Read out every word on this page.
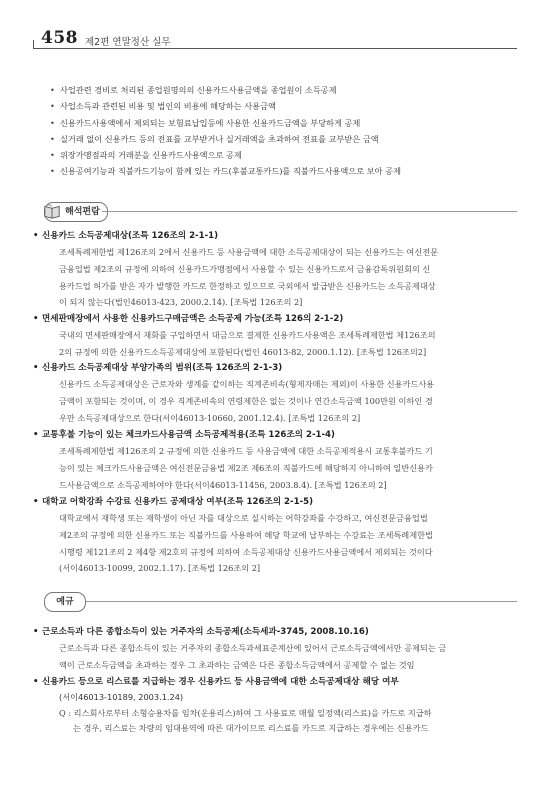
458 제2편 연말정산 실무
• 사업관련 경비로 처리된 종업원명의의 신용카드사용금액을 종업원이 소득공제
• 사업소득과 관련된 비용 및 법인의 비용에 해당하는 사용금액
• 신용카드사용액에서 제외되는 보험료납입등에 사용한 신용카드금액을 부당하게 공제
• 실거래 없이 신용카드 등의 전표를 교부받거나 실거래액을 초과하여 전표를 교부받은 금액
• 위장가맹점과의 거래분을 신용카드사용액으로 공제
• 신용공여기능과 직불카드기능이 함께 있는 카드(후불교통카드)를 직불카드사용액으로 보아 공제
해석편람
• 신용카드 소득공제대상(조특 126조의 2-1-1)
조세특례제한법 제126조의 2에서 신용카드 등 사용금액에 대한 소득공제대상이 되는 신용카드는 여신전문
금융업법 제2조의 규정에 의하여 신용카드가맹점에서 사용할 수 있는 신용카드로서 금융감독위원회의 신
용카드업 허가를 받은 자가 발행한 카드로 한정하고 있으므로 국외에서 발급받은 신용카드는 소득공제대상
이 되지 않는다(법인46013-423, 2000.2.14). [조특법 126조의 2]
• 면세판매장에서 사용한 신용카드구매금액은 소득공제 가능(조특 126의 2-1-2)
국내의 면세판매장에서 재화를 구입하면서 대금으로 결제한 신용카드사용액은 조세특례제한법 제126조의
2의 규정에 의한 신용카드소득공제대상에 포함된다(법인 46013-82, 2000.1.12). [조특법 126조의2]
• 신용카드 소득공제대상 부양가족의 범위(조특 126조의 2-1-3)
신용카드 소득공제대상은 근로자와 생계를 같이하는 직계존비속(형제자매는 제외)이 사용한 신용카드사용
금액이 포함되는 것이며, 이 경우 직계존비속의 연령제한은 없는 것이나 연간소득금액 100만원 이하인 경
우만 소득공제대상으로 한다(서이46013-10660, 2001.12.4). [조특법 126조의 2]
• 교통후불 기능이 있는 체크카드사용금액 소득공제적용(조특 126조의 2-1-4)
조세특례제한법 제126조의 2 규정에 의한 신용카드 등 사용금액에 대한 소득공제적용시 교통후불카드 기
능이 있는 체크카드사용금액은 여신전문금융법 제2조 제6조의 직불카드에 해당하지 아니하여 일반신용카
드사용금액으로 소득공제하여야 한다(서이46013-11456, 2003.8.4). [조특법 126조의 2]
• 대학교 어학강좌 수강료 신용카드 공제대상 여부(조특 126조의 2-1-5)
대학교에서 재학생 또는 재학생이 아닌 자를 대상으로 실시하는 어학강좌를 수강하고, 여신전문금융업법
제2조의 규정에 의한 신용카드 또는 직불카드를 사용하여 해당 학교에 납부하는 수강료는 조세특례제한법
시행령 제121조의 2 제4항 제2호의 규정에 의하여 소득공제대상 신용카드사용금액에서 제외되는 것이다
(서이46013-10099, 2002.1.17). [조특법 126조의 2]
예규
• 근로소득과 다른 종합소득이 있는 거주자의 소득공제(소득세과-3745, 2008.10.16)
근로소득과 다른 종합소득이 있는 거주자의 종합소득과세표준계산에 있어서 근로소득금액에서만 공제되는 금
액이 근로소득금액을 초과하는 경우 그 초과하는 금액은 다른 종합소득금액에서 공제할 수 없는 것임
• 신용카드 등으로 리스료를 지급하는 경우 신용카드 등 사용금액에 대한 소득공제대상 해당 여부
(서이46013-10189, 2003.1.24)
Q : 리스회사로부터 소형승용차를 임차(운용리스)하여 그 사용료로 매월 일정액(리스료)을 카드로 지급하
는 경우, 리스료는 차량의 임대용역에 따른 대가이므로 리스료를 카드로 지급하는 경우에는 신용카드
